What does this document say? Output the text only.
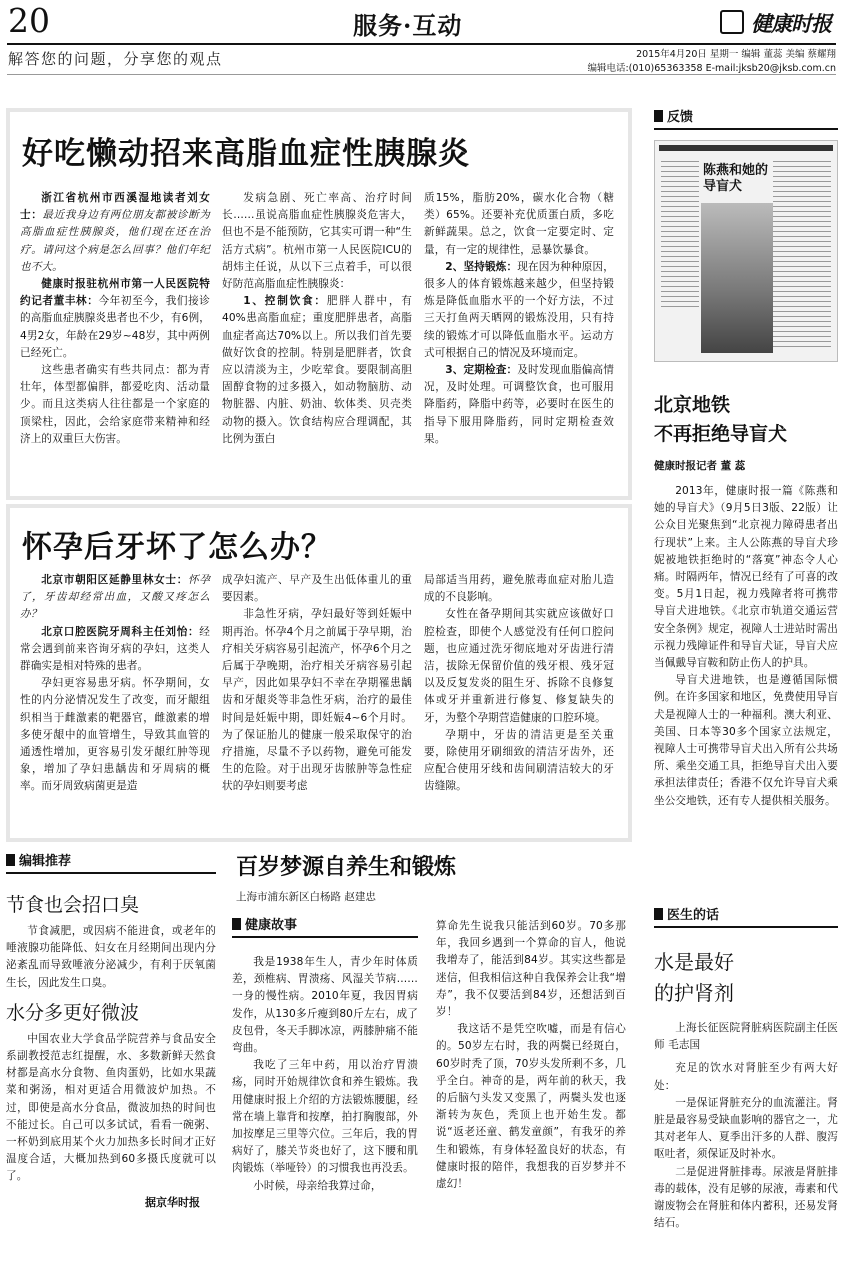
20	服务·互动	健康时报
解答您的问题，分享您的观点	2015年4月20日 星期一 编辑 董蕊 美编 蔡耀翔
编辑电话:(010)65363358 E-mail:jksb20@jksb.com.cn
好吃懒动招来高脂血症性胰腺炎

浙江省杭州市西溪湿地读者刘女士：最近我身边有两位朋友都被诊断为高脂血症性胰腺炎，他们现在还在治疗。请问这个病是怎么回事？他们年纪也不大。

健康时报驻杭州市第一人民医院特约记者董丰林：今年初至今，我们接诊的高脂血症胰腺炎患者也不少，有6例，4男2女，年龄在29岁~48岁，其中两例已经死亡。

这些患者确实有些共同点：都为青壮年，体型都偏胖，都爱吃肉、活动量少。而且这类病人往往都是一个家庭的顶梁柱，因此，会给家庭带来精神和经济上的双重巨大伤害。

发病急剧、死亡率高、治疗时间长……虽说高脂血症性胰腺炎危害大，但也不是不能预防，它其实可谓一种“生活方式病”。杭州市第一人民医院ICU的胡炜主任说，从以下三点着手，可以很好防范高脂血症性胰腺炎：

1、控制饮食：肥胖人群中，有40%患高脂血症；重度肥胖患者，高脂血症者高达70%以上。所以我们首先要做好饮食的控制。特别是肥胖者，饮食应以清淡为主，少吃荤食。要限制高胆固醇食物的过多摄入，如动物脑肪、动物脏器、内脏、奶油、软体类、贝壳类动物的摄入。饮食结构应合理调配，其比例为蛋白

质15%，脂肪20%，碳水化合物（糖类）65%。还要补充优质蛋白质，多吃新鲜蔬果。总之，饮食一定要定时、定量，有一定的规律性，忌暴饮暴食。

2、坚持锻炼：现在因为种种原因，很多人的体育锻炼越来越少，但坚持锻炼是降低血脂水平的一个好方法，不过三天打鱼两天晒网的锻炼没用，只有持续的锻炼才可以降低血脂水平。运动方式可根据自己的情况及环境而定。

3、定期检查：及时发现血脂偏高情况，及时处理。可调整饮食，也可服用降脂药，降脂中药等，必要时在医生的指导下服用降脂药，同时定期检查效果。

怀孕后牙坏了怎么办？

北京市朝阳区延静里林女士：怀孕了，牙齿却经常出血，又酸又疼怎么办？

北京口腔医院牙周科主任刘怡：经常会遇到前来咨询牙病的孕妇，这类人群确实是相对特殊的患者。

孕妇更容易患牙病。怀孕期间，女性的内分泌情况发生了改变，而牙龈组织相当于雌激素的靶器官，雌激素的增多使牙龈中的血管增生，导致其血管的通透性增加，更容易引发牙龈红肿等现象，增加了孕妇患龋齿和牙周病的概率。而牙周致病菌更是造

成孕妇流产、早产及生出低体重儿的重要因素。

非急性牙病，孕妇最好等到妊娠中期再治。怀孕4个月之前属于孕早期，治疗相关牙病容易引起流产，怀孕6个月之后属于孕晚期，治疗相关牙病容易引起早产，因此如果孕妇不幸在孕期罹患龋齿和牙龈炎等非急性牙病，治疗的最佳时间是妊娠中期，即妊娠4~6个月时。为了保证胎儿的健康一般采取保守的治疗措施，尽量不予以药物，避免可能发生的危险。对于出现牙齿脓肿等急性症状的孕妇则要考虑

局部适当用药，避免脓毒血症对胎儿造成的不良影响。

女性在备孕期间其实就应该做好口腔检查，即使个人感觉没有任何口腔问题，也应通过洗牙彻底地对牙齿进行清洁，拔除无保留价值的残牙根、残牙冠以及反复发炎的阻生牙、拆除不良修复体或牙并重新进行修复、修复缺失的牙，为整个孕期营造健康的口腔环境。

孕期中，牙齿的清洁更是至关重要，除使用牙刷细致的清洁牙齿外，还应配合使用牙线和齿间刷清洁较大的牙齿缝隙。

编辑推荐
节食也会招口臭

节食减肥，或因病不能进食，或老年的唾液腺功能降低、妇女在月经期间出现内分泌紊乱而导致唾液分泌减少，有利于厌氧菌生长，因此发生口臭。

水分多更好微波

中国农业大学食品学院营养与食品安全系副教授范志红提醒，水、多数新鲜天然食材都是高水分食物、鱼肉蛋奶，比如水果蔬菜和粥汤，相对更适合用微波炉加热。不过，即使是高水分食品，微波加热的时间也不能过长。自己可以多试试，看看一碗粥、一杯奶到底用某个火力加热多长时间才正好温度合适，大概加热到60多摄氏度就可以了。

据京华时报
百岁梦源自养生和锻炼
上海市浦东新区白杨路 赵建忠
健康故事

我是1938年生人，青少年时体质差，颈椎病、胃溃疡、风湿关节病……一身的慢性病。2010年夏，我因胃病发作，从130多斤瘦到80斤左右，成了皮包骨，冬天手脚冰凉，两膝肿痛不能弯曲。

我吃了三年中药，用以治疗胃溃疡，同时开始规律饮食和养生锻炼。我用健康时报上介绍的方法锻炼腰腿，经常在墙上靠背和按摩，拍打胸腹部，外加按摩足三里等穴位。三年后，我的胃病好了，膝关节炎也好了，这下腰和肌肉锻炼（举哑铃）的习惯我也再没丢。

小时候，母亲给我算过命，

算命先生说我只能活到60岁。70多那年，我回乡遇到一个算命的盲人，他说我增寿了，能活到84岁。其实这些都是迷信，但我相信这种自我保养会让我“增寿”，我不仅要活到84岁，还想活到百岁！

我这话不是凭空吹嘘，而是有信心的。50岁左右时，我的两鬓已经斑白，60岁时秃了顶，70岁头发所剩不多，几乎全白。神奇的是，两年前的秋天，我的后脑勺头发又变黑了，两鬓头发也逐渐转为灰色，秃顶上也开始生发。都说“返老还童、鹤发童颜”，有我牙的养生和锻炼，有身体轻盈良好的状态，有健康时报的陪伴，我想我的百岁梦并不虚幻！

反馈
陈燕和她的导盲犬
北京地铁
不再拒绝导盲犬
健康时报记者 董 蕊

2013年，健康时报一篇《陈燕和她的导盲犬》（9月5日3版、22版）让公众目光聚焦到“北京视力障碍患者出行现状”上来。主人公陈燕的导盲犬珍妮被地铁拒绝时的“落寞”神态令人心痛。时隔两年，情况已经有了可喜的改变。5月1日起，视力残障者将可携带导盲犬进地铁。《北京市轨道交通运营安全条例》规定，视障人士进站时需出示视力残障证件和导盲犬证，导盲犬应当佩戴导盲鞍和防止伤人的护具。

导盲犬进地铁，也是遵循国际惯例。在许多国家和地区，免费使用导盲犬是视障人士的一种福利。澳大利亚、美国、日本等30多个国家立法规定，视障人士可携带导盲犬出入所有公共场所、乘坐交通工具，拒绝导盲犬出入要承担法律责任；香港不仅允许导盲犬乘坐公交地铁，还有专人提供相关服务。

医生的话
水是最好
的护肾剂

上海长征医院肾脏病医院副主任医师 毛志国

充足的饮水对肾脏至少有两大好处：

一是保证肾脏充分的血流灌注。肾脏是最容易受缺血影响的器官之一，尤其对老年人、夏季出汗多的人群、腹泻呕吐者，须保证及时补水。

二是促进肾脏排毒。尿液是肾脏排毒的载体，没有足够的尿液，毒素和代谢废物会在肾脏和体内蓄积，还易发肾结石。
